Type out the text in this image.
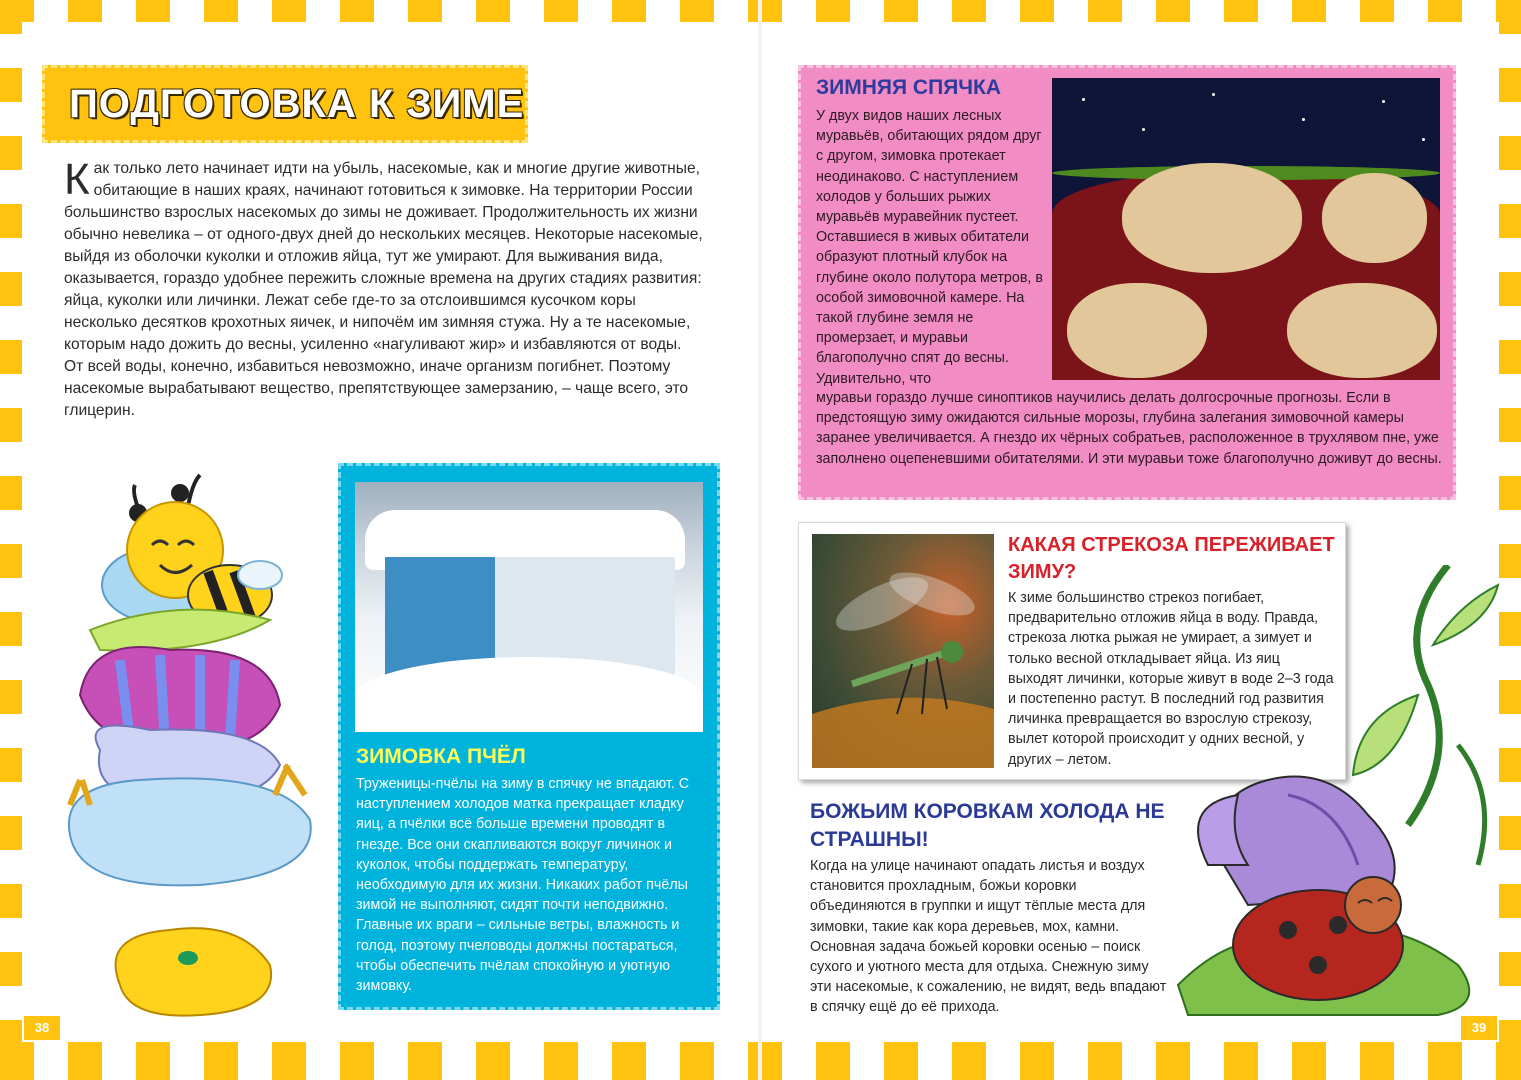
38	39
ПОДГОТОВКА К ЗИМЕ
Как только лето начинает идти на убыль, насекомые, как и многие другие животные, обитающие в наших краях, начинают готовиться к зимовке. На территории России большинство взрослых насекомых до зимы не доживает. Продолжительность их жизни обычно невелика – от одного-двух дней до нескольких месяцев. Некоторые насекомые, выйдя из оболочки куколки и отложив яйца, тут же умирают. Для выживания вида, оказывается, гораздо удобнее пережить сложные времена на других стадиях развития: яйца, куколки или личинки. Лежат себе где-то за отслоившимся кусочком коры несколько десятков крохотных яичек, и нипочём им зимняя стужа. Ну а те насекомые, которым надо дожить до весны, усиленно «нагуливают жир» и избавляются от воды. От всей воды, конечно, избавиться невозможно, иначе организм погибнет. Поэтому насекомые вырабатывают вещество, препятствующее замерзанию, – чаще всего, это глицерин.
ЗИМОВКА ПЧЁЛ
Труженицы-пчёлы на зиму в спячку не впадают. С наступлением холодов матка прекращает кладку яиц, а пчёлки всё больше времени проводят в гнезде. Все они скапливаются вокруг личинок и куколок, чтобы поддержать температуру, необходимую для их жизни. Никаких работ пчёлы зимой не выполняют, сидят почти неподвижно. Главные их враги – сильные ветры, влажность и голод, поэтому пчеловоды должны постараться, чтобы обеспечить пчёлам спокойную и уютную зимовку.
ЗИМНЯЯ СПЯЧКА
У двух видов наших лесных муравьёв, обитающих рядом друг с другом, зимовка протекает неодинаково. С наступлением холодов у больших рыжих муравьёв муравейник пустеет. Оставшиеся в живых обитатели образуют плотный клубок на глубине около полутора метров, в особой зимовочной камере. На такой глубине земля не промерзает, и муравьи благополучно спят до весны. Удивительно, что
муравьи гораздо лучше синоптиков научились делать долгосрочные прогнозы. Если в предстоящую зиму ожидаются сильные морозы, глубина залегания зимовочной камеры заранее увеличивается. А гнездо их чёрных собратьев, расположенное в трухлявом пне, уже заполнено оцепеневшими обитателями. И эти муравьи тоже благополучно доживут до весны.
КАКАЯ СТРЕКОЗА ПЕРЕЖИВАЕТ ЗИМУ?
К зиме большинство стрекоз погибает, предварительно отложив яйца в воду. Правда, стрекоза лютка рыжая не умирает, а зимует и только весной откладывает яйца. Из яиц выходят личинки, которые живут в воде 2–3 года и постепенно растут. В последний год развития личинка превращается во взрослую стрекозу, вылет которой происходит у одних весной, у других – летом.
БОЖЬИМ КОРОВКАМ ХОЛОДА НЕ СТРАШНЫ!
Когда на улице начинают опадать листья и воздух становится прохладным, божьи коровки объединяются в группки и ищут тёплые места для зимовки, такие как кора деревьев, мох, камни. Основная задача божьей коровки осенью – поиск сухого и уютного места для отдыха. Снежную зиму эти насекомые, к сожалению, не видят, ведь впадают в спячку ещё до её прихода.
